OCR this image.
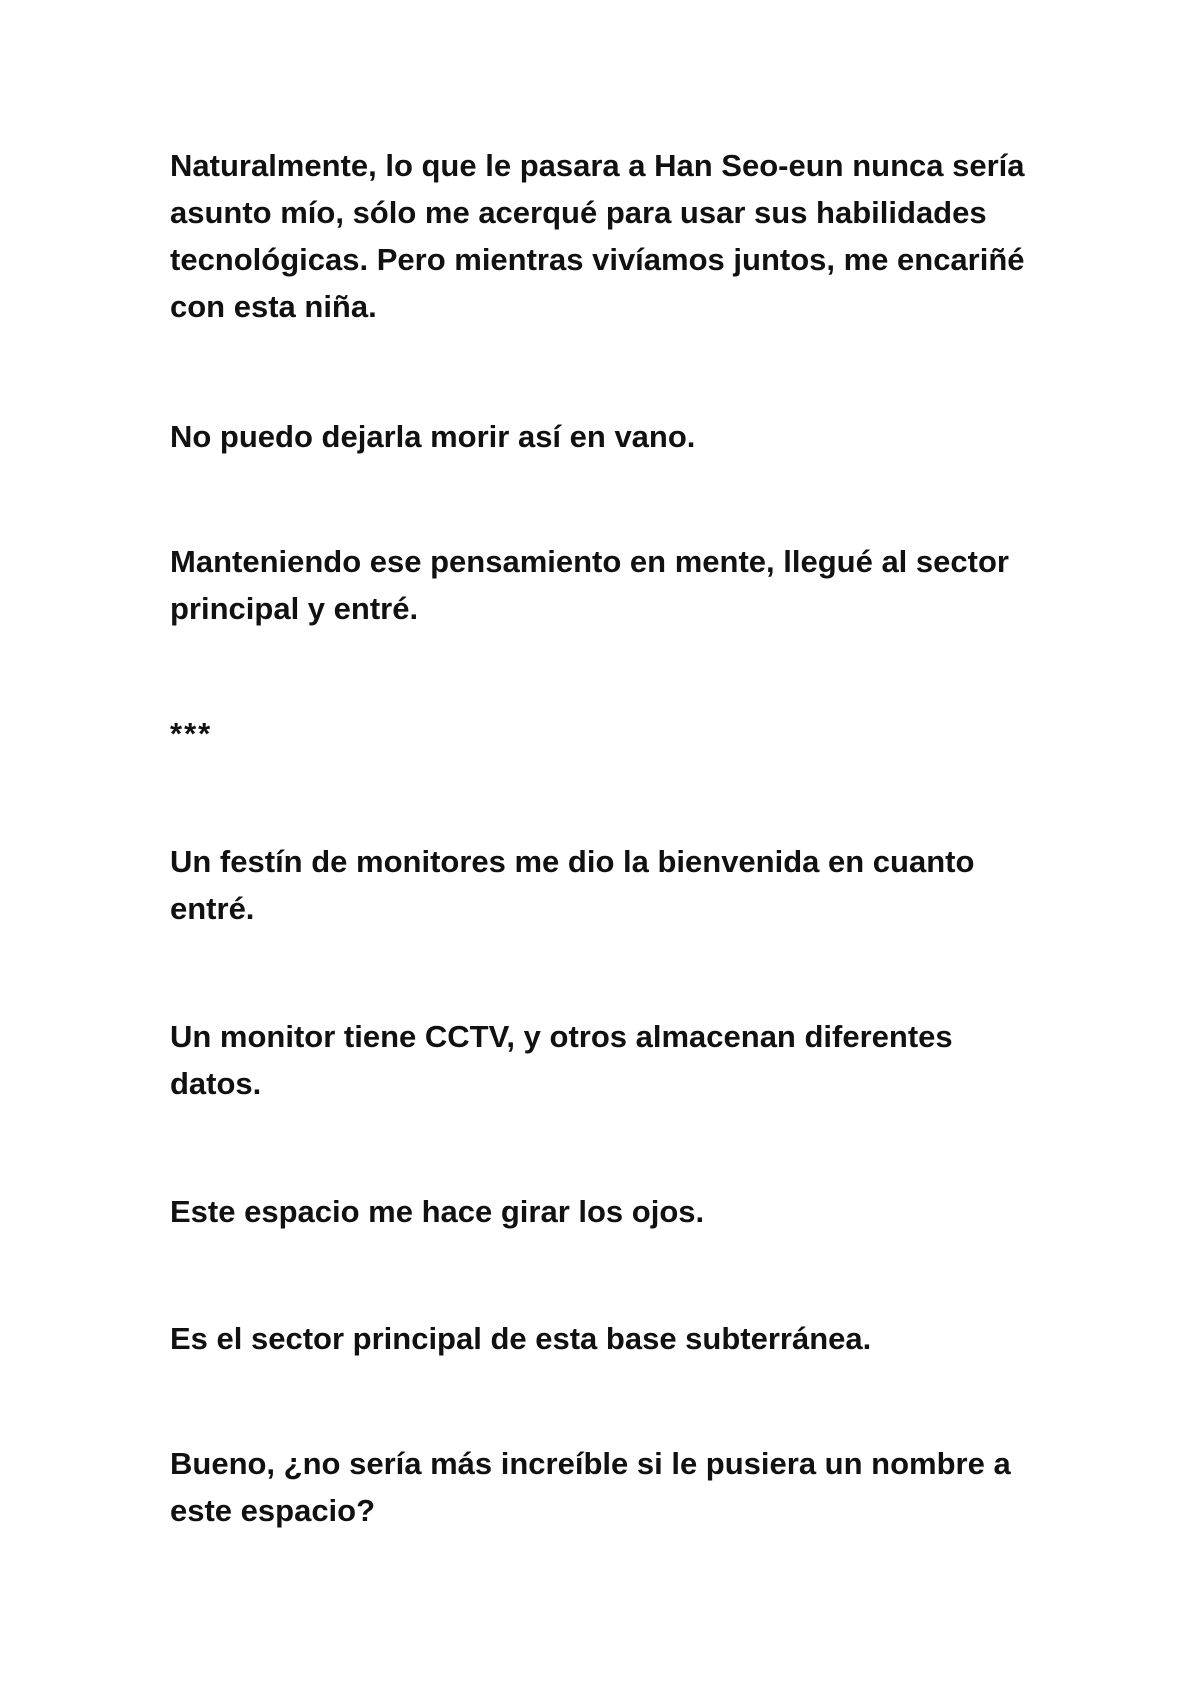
Naturalmente, lo que le pasara a Han Seo-eun nunca sería asunto mío, sólo me acerqué para usar sus habilidades tecnológicas. Pero mientras vivíamos juntos, me encariñé con esta niña.

No puedo dejarla morir así en vano.

Manteniendo ese pensamiento en mente, llegué al sector principal y entré.

***

Un festín de monitores me dio la bienvenida en cuanto entré.

Un monitor tiene CCTV, y otros almacenan diferentes datos.

Este espacio me hace girar los ojos.

Es el sector principal de esta base subterránea.

Bueno, ¿no sería más increíble si le pusiera un nombre a este espacio?
